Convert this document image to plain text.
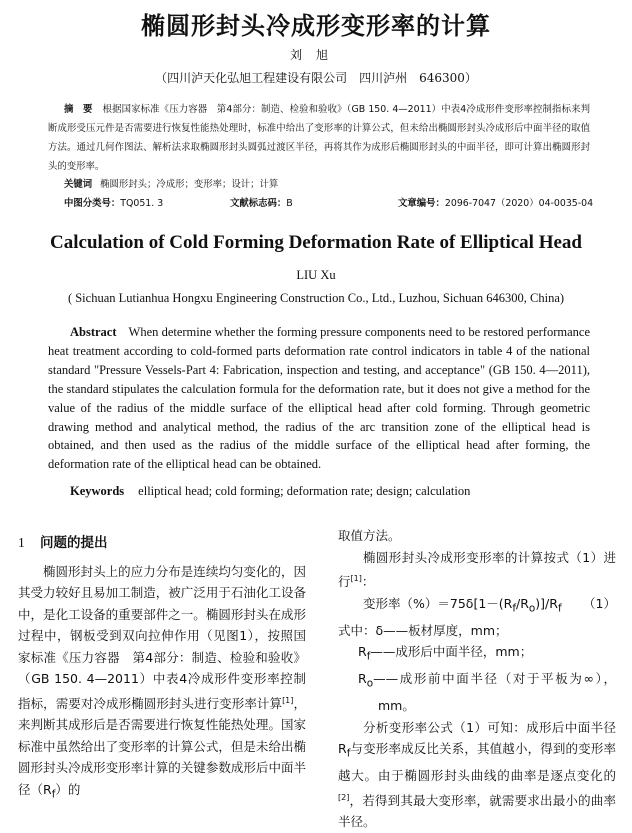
椭圆形封头冷成形变形率的计算
刘旭
（四川泸天化弘旭工程建设有限公司　四川泸州　646300）
摘　要 根据国家标准《压力容器　第4部分：制造、检验和验收》（GB 150. 4—2011）中表4冷成形件变形率控制指标来判断成形受压元件是否需要进行恢复性能热处理时，标准中给出了变形率的计算公式，但未给出椭圆形封头冷成形后中面半径的取值方法。通过几何作图法、解析法求取椭圆形封头圆弧过渡区半径，再将其作为成形后椭圆形封头的中面半径，即可计算出椭圆形封头的变形率。
关键词 椭圆形封头；冷成形；变形率；设计；计算
中图分类号：TQ051. 3	文献标志码：B	文章编号：2096-7047（2020）04-0035-04
Calculation of Cold Forming Deformation Rate of Elliptical Head
LIU Xu
( Sichuan Lutianhua Hongxu Engineering Construction Co., Ltd., Luzhou, Sichuan 646300, China)
Abstract When determine whether the forming pressure components need to be restored performance heat treatment according to cold-formed parts deformation rate control indicators in table 4 of the national standard "Pressure Vessels-Part 4: Fabrication, inspection and testing, and acceptance" (GB 150. 4—2011), the standard stipulates the calculation formula for the deformation rate, but it does not give a method for the value of the radius of the middle surface of the elliptical head after cold forming. Through geometric drawing method and analytical method, the radius of the arc transition zone of the elliptical head is obtained, and then used as the radius of the middle surface of the elliptical head after forming, the deformation rate of the elliptical head can be obtained.
Keywords elliptical head; cold forming; deformation rate; design; calculation
1 问题的提出

椭圆形封头上的应力分布是连续均匀变化的，因其受力较好且易加工制造，被广泛用于石油化工设备中，是化工设备的重要部件之一。椭圆形封头在成形过程中，钢板受到双向拉伸作用（见图1），按照国家标准《压力容器　第4部分：制造、检验和验收》（GB 150. 4—2011）中表4冷成形件变形率控制指标，需要对冷成形椭圆形封头进行变形率计算[1]，来判断其成形后是否需要进行恢复性能热处理。国家标准中虽然给出了变形率的计算公式，但是未给出椭圆形封头冷成形变形率计算的关键参数成形后中面半径$(R_f)$的

取值方法。

椭圆形封头冷成形变形率的计算按式（1）进行[1]：

变形率$(\%)=75\delta[1-(R_f/R_o)]/R_f$ （1）
式中：δ——板材厚度，mm；
$R_f——$成形后中面半径，mm；
$R_o——$成形前中面半径（对于平板为∞），mm。

分析变形率公式（1）可知：成形后中面半径$R_f$与变形率成反比关系，其值越小，得到的变形率越大。由于椭圆形封头曲线的曲率是逐点变化的[2]，若得到其最大变形率，就需要求出最小的曲率半径。
